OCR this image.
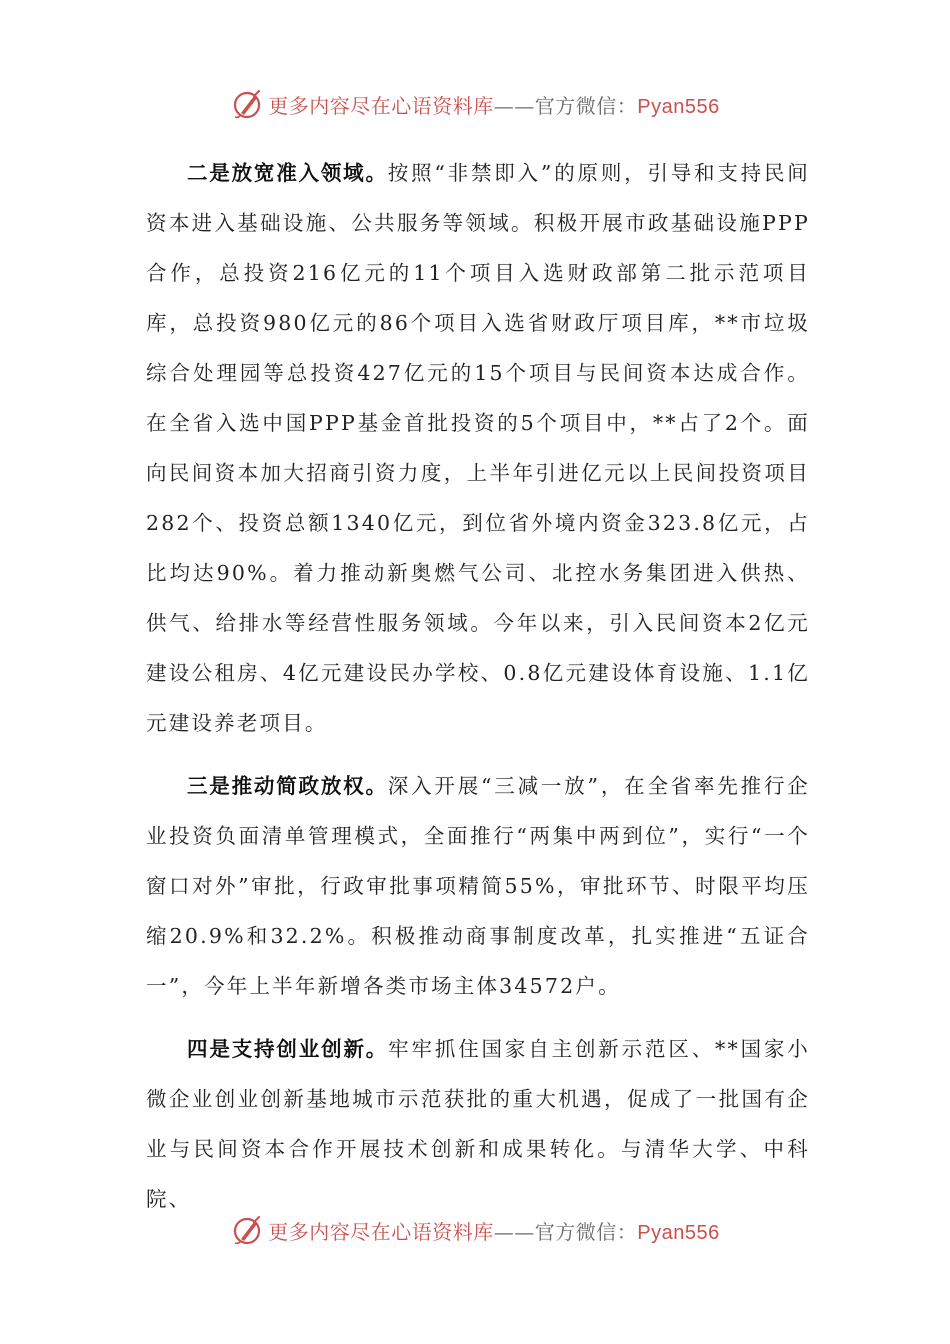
更多内容尽在心语资料库——官方微信：Pyan556

二是放宽准入领域。按照“非禁即入”的原则，引导和支持民间资本进入基础设施、公共服务等领域。积极开展市政基础设施PPP合作，总投资216亿元的11个项目入选财政部第二批示范项目库，总投资980亿元的86个项目入选省财政厅项目库，**市垃圾综合处理园等总投资427亿元的15个项目与民间资本达成合作。在全省入选中国PPP基金首批投资的5个项目中，**占了2个。面向民间资本加大招商引资力度，上半年引进亿元以上民间投资项目282个、投资总额1340亿元，到位省外境内资金323.8亿元，占比均达90%。着力推动新奥燃气公司、北控水务集团进入供热、供气、给排水等经营性服务领域。今年以来，引入民间资本2亿元建设公租房、4亿元建设民办学校、0.8亿元建设体育设施、1.1亿元建设养老项目。

三是推动简政放权。深入开展“三减一放”，在全省率先推行企业投资负面清单管理模式，全面推行“两集中两到位”，实行“一个窗口对外”审批，行政审批事项精简55%，审批环节、时限平均压缩20.9%和32.2%。积极推动商事制度改革，扎实推进“五证合一”，今年上半年新增各类市场主体34572户。

四是支持创业创新。牢牢抓住国家自主创新示范区、**国家小微企业创业创新基地城市示范获批的重大机遇，促成了一批国有企业与民间资本合作开展技术创新和成果转化。与清华大学、中科院、

更多内容尽在心语资料库——官方微信：Pyan556
